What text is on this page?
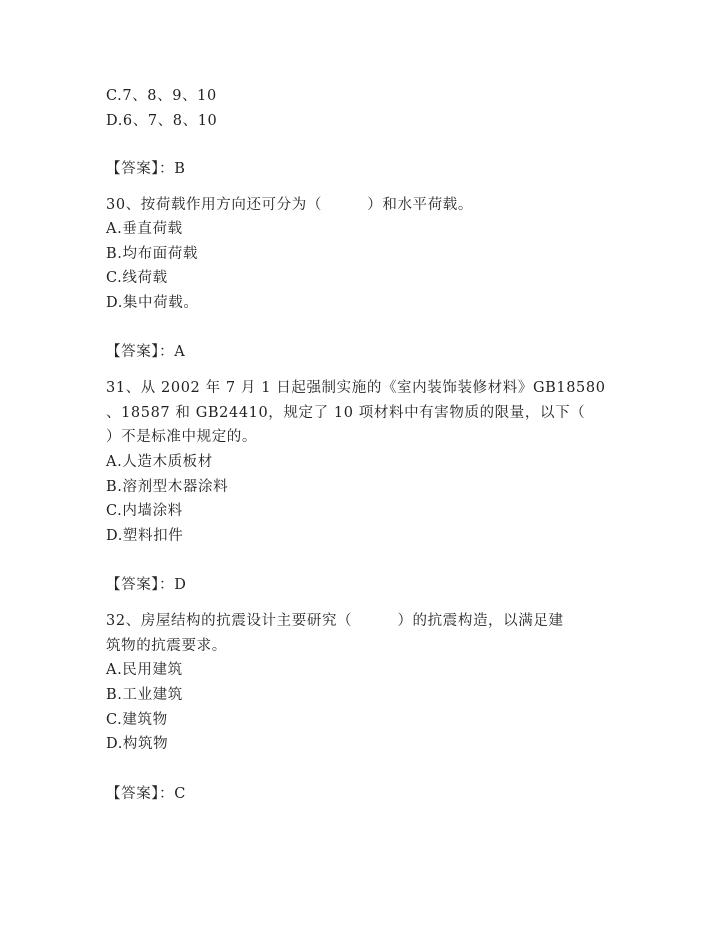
C.7、8、9、10
D.6、7、8、10
【答案】：B
30、按荷载作用方向还可分为（　　　）和水平荷载。
A.垂直荷载
B.均布面荷载
C.线荷载
D.集中荷载。
【答案】：A
31、从 2002 年 7 月 1 日起强制实施的《室内装饰装修材料》GB18580
、18587 和 GB24410，规定了 10 项材料中有害物质的限量，以下（
）不是标准中规定的。
A.人造木质板材
B.溶剂型木器涂料
C.内墙涂料
D.塑料扣件
【答案】：D
32、房屋结构的抗震设计主要研究（　　　）的抗震构造，以满足建
筑物的抗震要求。
A.民用建筑
B.工业建筑
C.建筑物
D.构筑物
【答案】：C
